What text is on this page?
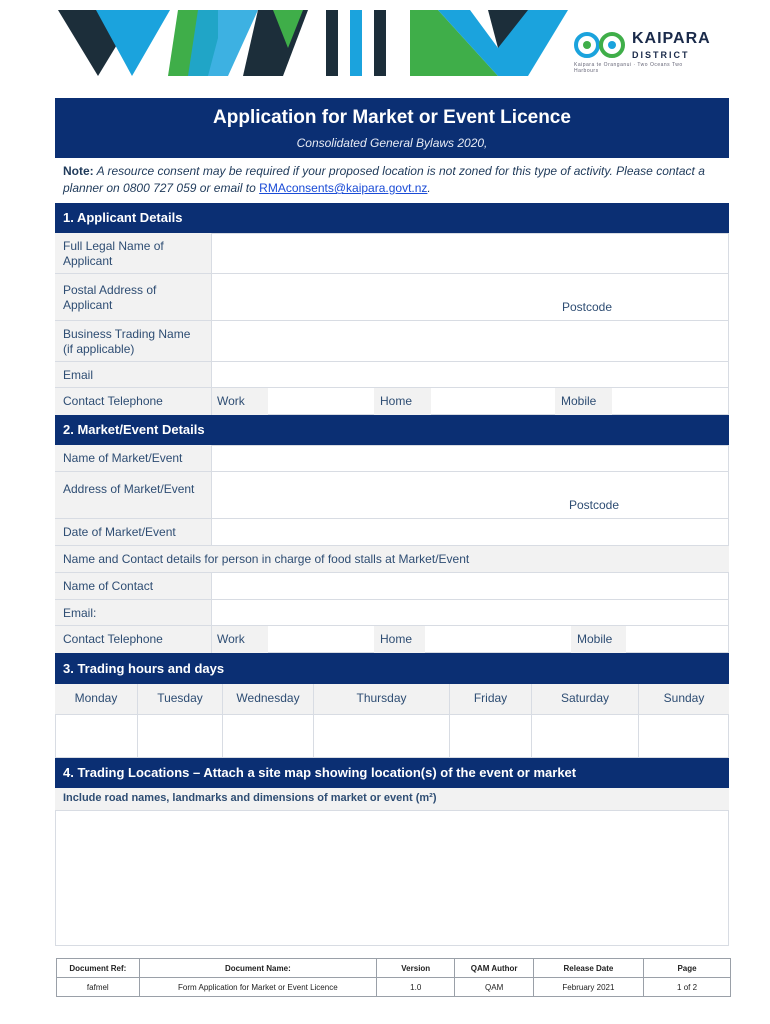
KAIPARA
DISTRICT
Kaipara te Oranganui · Two Oceans Two Harbours
Application for Market or Event Licence
Consolidated General Bylaws 2020,
Note: A resource consent may be required if your proposed location is not zoned for this type of activity. Please contact a planner on 0800 727 059 or email to RMAconsents@kaipara.govt.nz.
1. Applicant Details
Full Legal Name of Applicant
Postal Address of Applicant	Postcode
Business Trading Name (if applicable)
Email
Contact Telephone	Work	Home	Mobile
2. Market/Event Details
Name of Market/Event
Address of Market/Event
Postcode
Date of Market/Event
Name and Contact details for person in charge of food stalls at Market/Event
Name of Contact
Email:
Contact Telephone	Work	Home	Mobile
3. Trading hours and days
Monday	Tuesday	Wednesday	Thursday	Friday	Saturday	Sunday
4. Trading Locations – Attach a site map showing location(s) of the event or market
Include road names, landmarks and dimensions of market or event (m²)
Document Ref:	Document Name:	Version	QAM Author	Release Date	Page
fafmel	Form Application for Market or Event Licence	1.0	QAM	February 2021	1 of 2
